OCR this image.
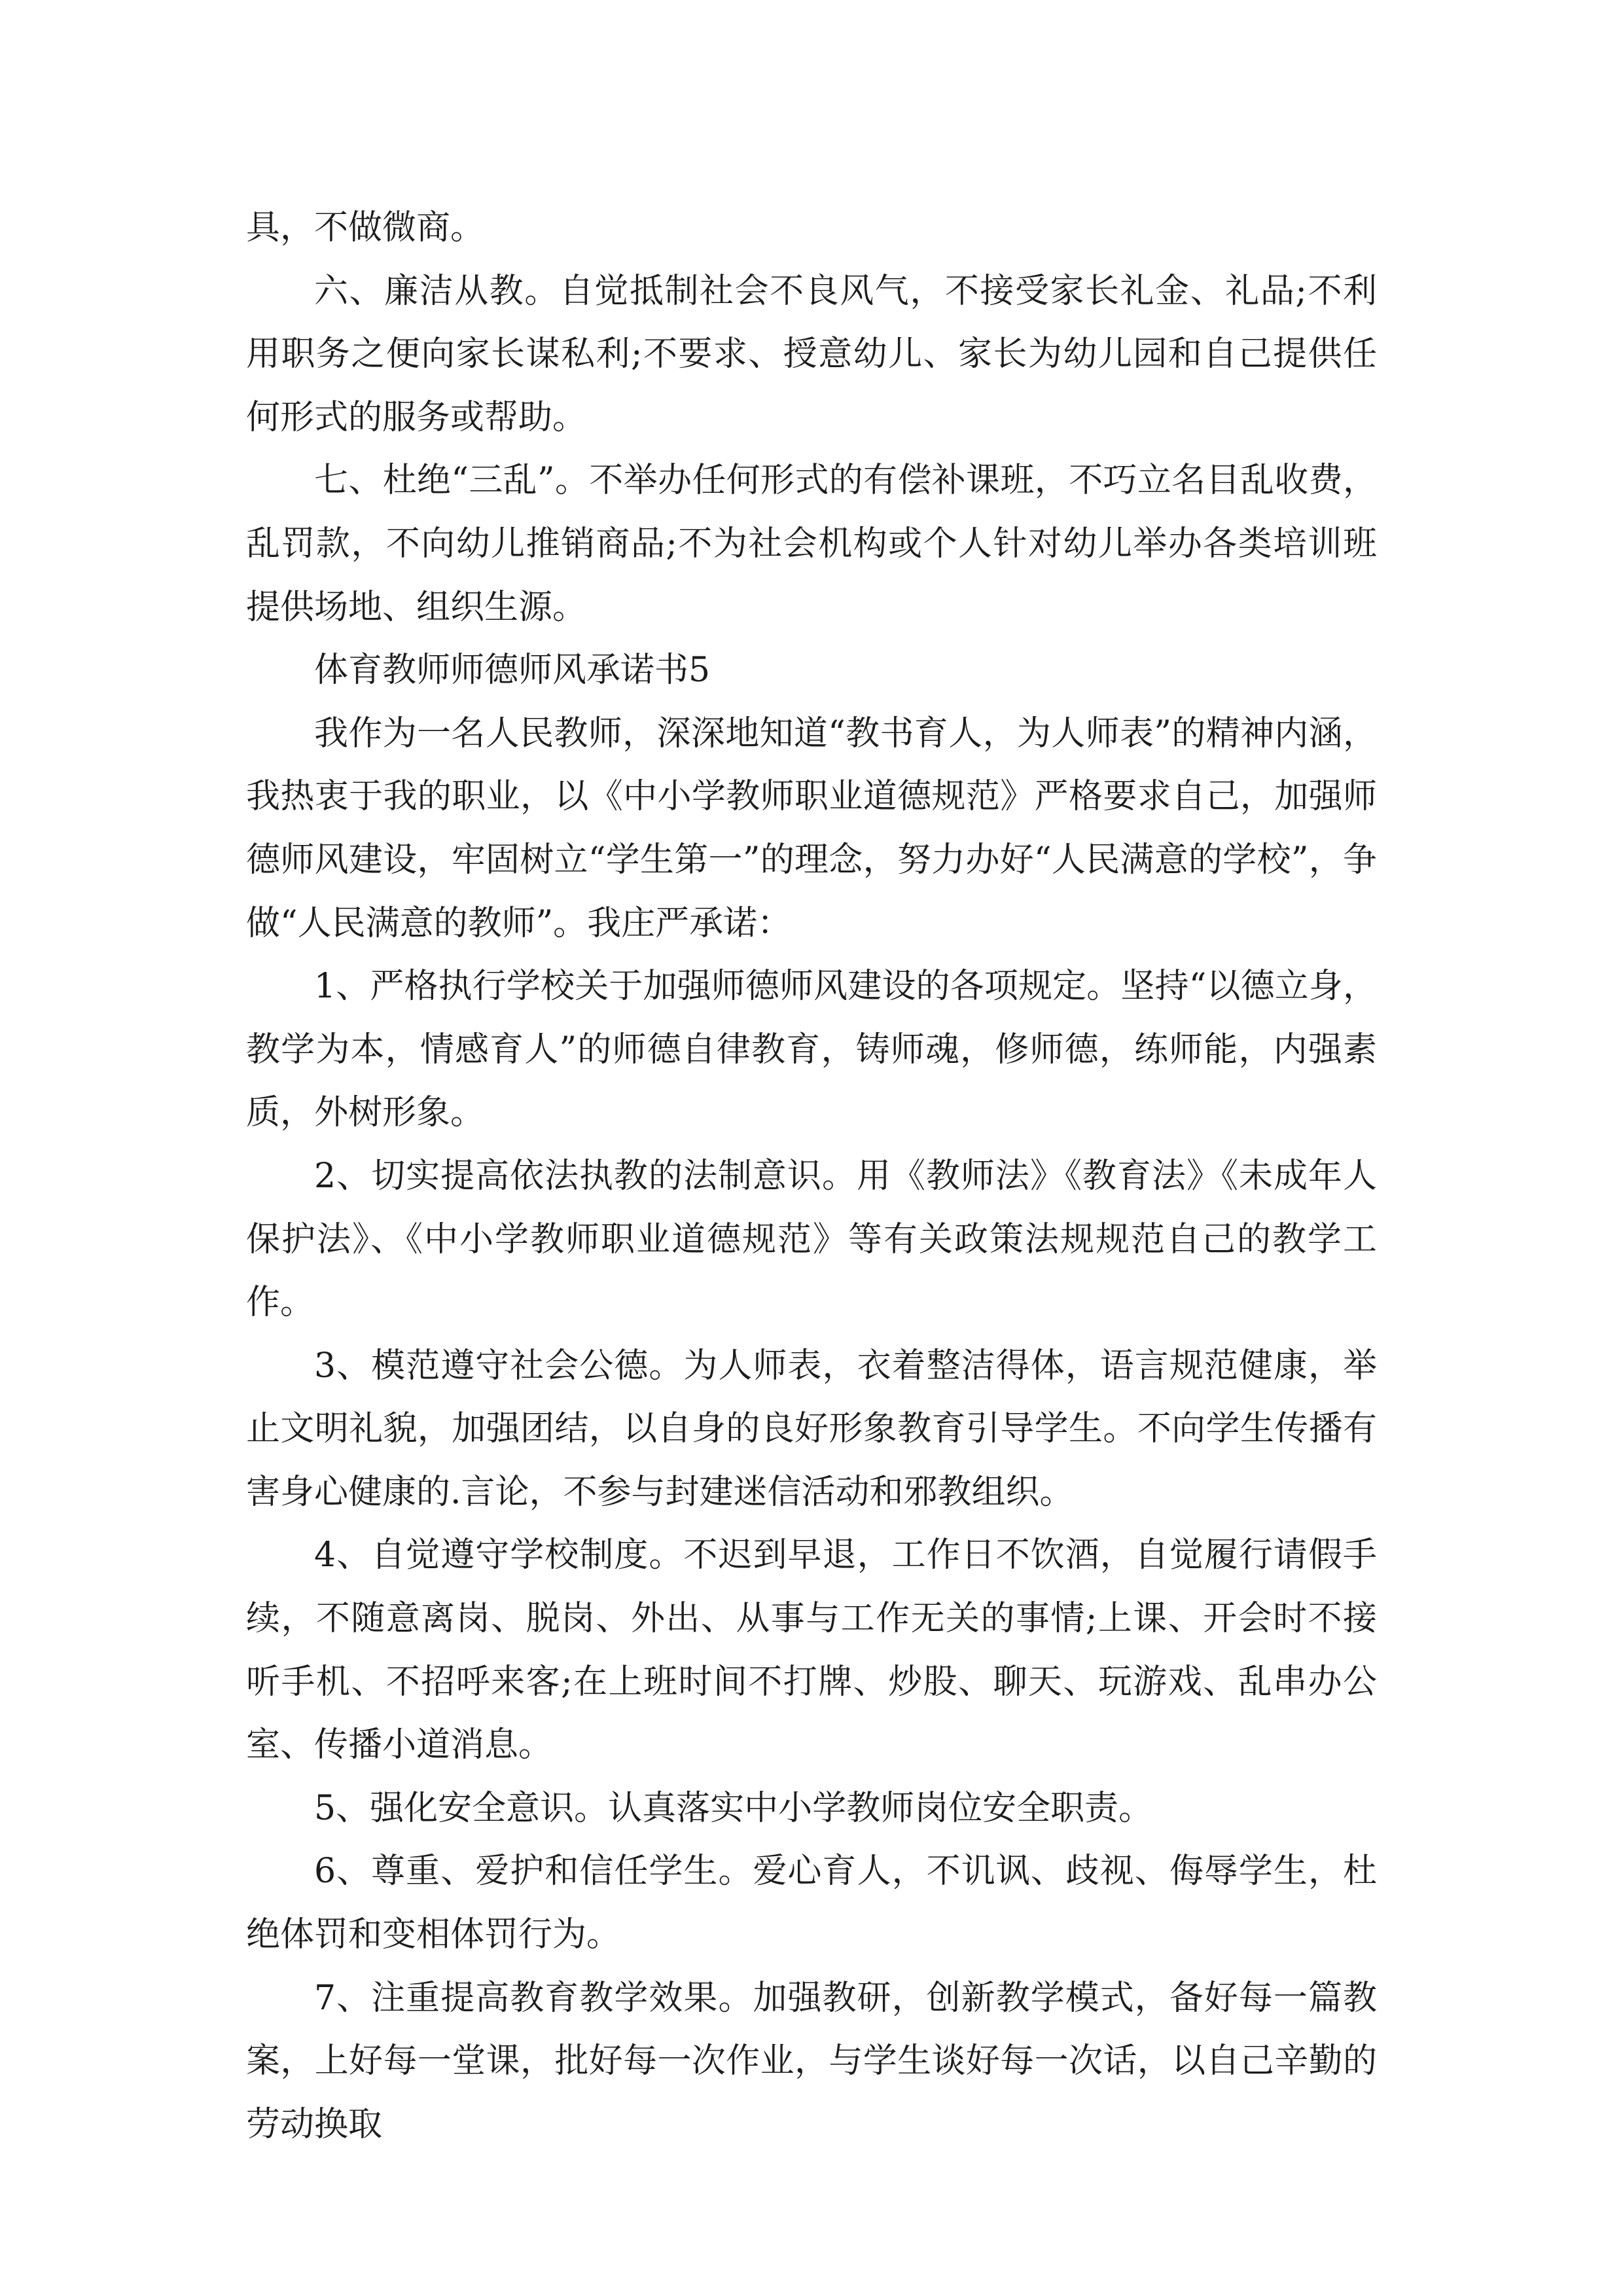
具，不做微商。

六、廉洁从教。自觉抵制社会不良风气，不接受家长礼金、礼品;不利用职务之便向家长谋私利;不要求、授意幼儿、家长为幼儿园和自己提供任何形式的服务或帮助。

七、杜绝“三乱”。不举办任何形式的有偿补课班，不巧立名目乱收费，乱罚款，不向幼儿推销商品;不为社会机构或个人针对幼儿举办各类培训班提供场地、组织生源。

体育教师师德师风承诺书5

我作为一名人民教师，深深地知道“教书育人，为人师表”的精神内涵，我热衷于我的职业，以《中小学教师职业道德规范》严格要求自己，加强师德师风建设，牢固树立“学生第一”的理念，努力办好“人民满意的学校”，争做“人民满意的教师”。我庄严承诺：

1、严格执行学校关于加强师德师风建设的各项规定。坚持“以德立身，教学为本，情感育人”的师德自律教育，铸师魂，修师德，练师能，内强素质，外树形象。

2、切实提高依法执教的法制意识。用《教师法》《教育法》《未成年人保护法》、《中小学教师职业道德规范》等有关政策法规规范自己的教学工作。

3、模范遵守社会公德。为人师表，衣着整洁得体，语言规范健康，举止文明礼貌，加强团结，以自身的良好形象教育引导学生。不向学生传播有害身心健康的.言论，不参与封建迷信活动和邪教组织。

4、自觉遵守学校制度。不迟到早退，工作日不饮酒，自觉履行请假手续，不随意离岗、脱岗、外出、从事与工作无关的事情;上课、开会时不接听手机、不招呼来客;在上班时间不打牌、炒股、聊天、玩游戏、乱串办公室、传播小道消息。

5、强化安全意识。认真落实中小学教师岗位安全职责。

6、尊重、爱护和信任学生。爱心育人，不讥讽、歧视、侮辱学生，杜绝体罚和变相体罚行为。

7、注重提高教育教学效果。加强教研，创新教学模式，备好每一篇教案，上好每一堂课，批好每一次作业，与学生谈好每一次话，以自己辛勤的劳动换取
